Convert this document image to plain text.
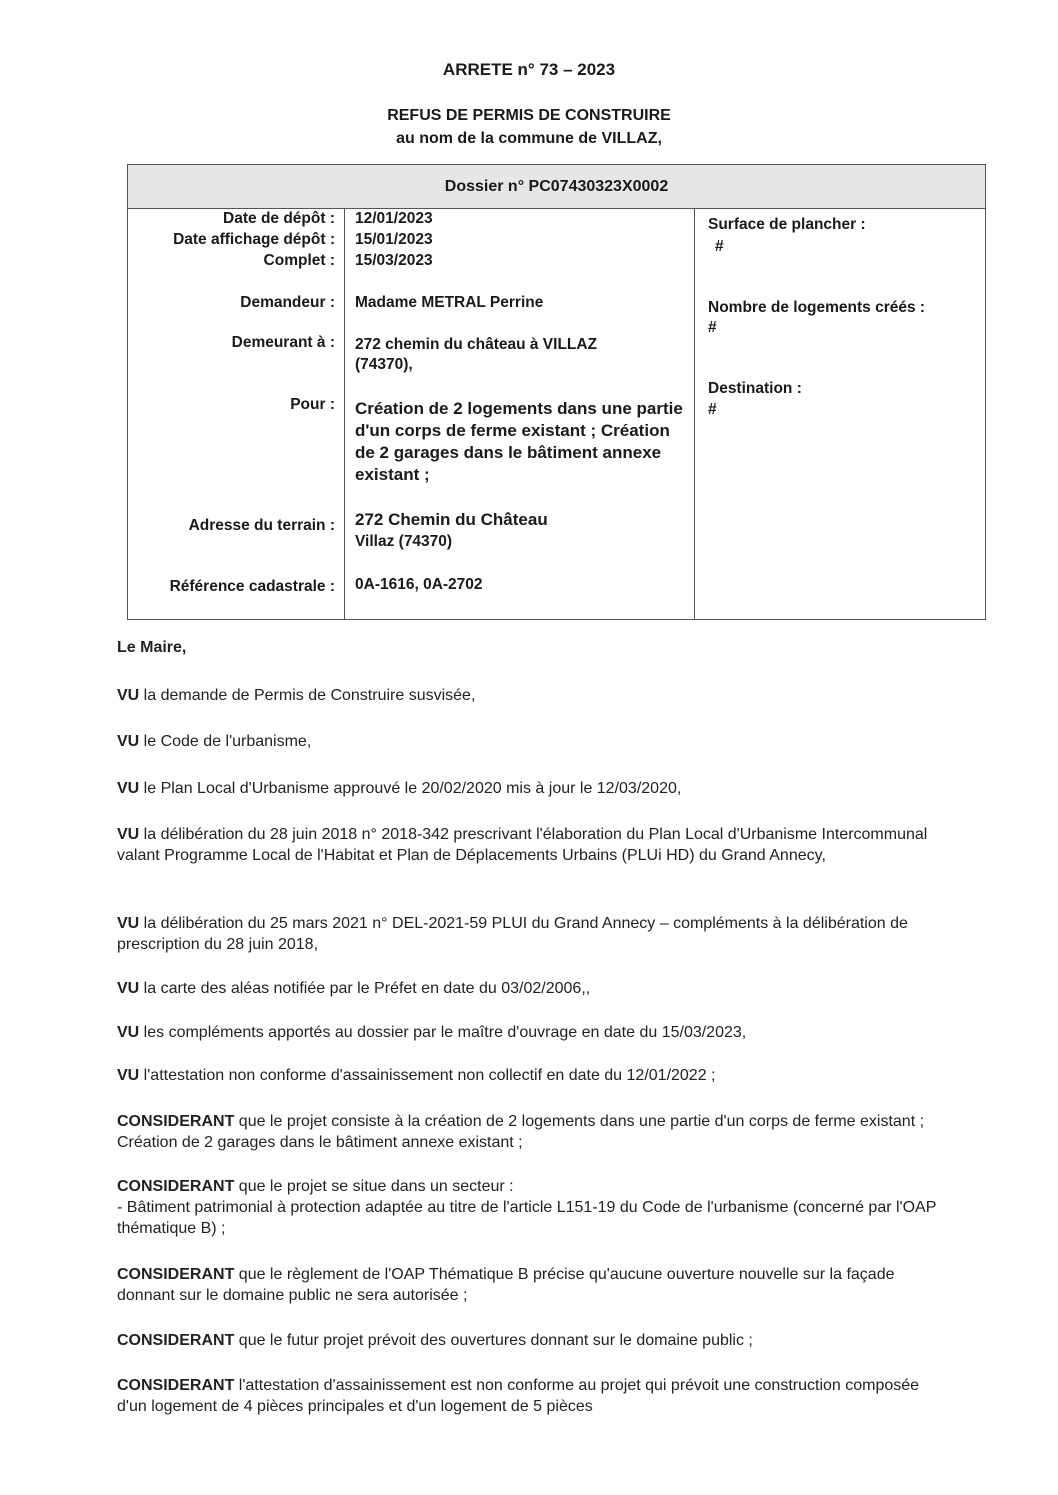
ARRETE n° 73 – 2023
REFUS DE PERMIS DE CONSTRUIRE
au nom de la commune de VILLAZ,
Dossier n° PC07430323X0002
Date de dépôt :
Date affichage dépôt :
Complet :
Demandeur :
Demeurant à :
Pour :
Adresse du terrain :
Référence cadastrale :
12/01/2023
15/01/2023
15/03/2023
Madame METRAL Perrine
272 chemin du château à VILLAZ (74370),
Création de 2 logements dans une partie d'un corps de ferme existant ; Création de 2 garages dans le bâtiment annexe existant ;
272 Chemin du Château
Villaz (74370)
0A-1616, 0A-2702
Surface de plancher :
#
Nombre de logements créés :
#
Destination :
#
Le Maire,
VU la demande de Permis de Construire susvisée,
VU le Code de l'urbanisme,
VU le Plan Local d'Urbanisme approuvé le 20/02/2020 mis à jour le 12/03/2020,
VU la délibération du 28 juin 2018 n° 2018-342 prescrivant l'élaboration du Plan Local d'Urbanisme Intercommunal valant Programme Local de l'Habitat et Plan de Déplacements Urbains (PLUi HD) du Grand Annecy,
VU la délibération du 25 mars 2021 n° DEL-2021-59 PLUI du Grand Annecy – compléments à la délibération de prescription du 28 juin 2018,
VU la carte des aléas notifiée par le Préfet en date du 03/02/2006,,
VU les compléments apportés au dossier par le maître d'ouvrage en date du 15/03/2023,
VU l'attestation non conforme d'assainissement non collectif en date du 12/01/2022 ;
CONSIDERANT que le projet consiste à la création de 2 logements dans une partie d'un corps de ferme existant ; Création de 2 garages dans le bâtiment annexe existant ;
CONSIDERANT que le projet se situe dans un secteur :
- Bâtiment patrimonial à protection adaptée au titre de l'article L151-19 du Code de l'urbanisme (concerné par l'OAP thématique B) ;
CONSIDERANT que le règlement de l'OAP Thématique B précise qu'aucune ouverture nouvelle sur la façade donnant sur le domaine public ne sera autorisée ;
CONSIDERANT que le futur projet prévoit des ouvertures donnant sur le domaine public ;
CONSIDERANT l'attestation d'assainissement est non conforme au projet qui prévoit une construction composée d'un logement de 4 pièces principales et d'un logement de 5 pièces
